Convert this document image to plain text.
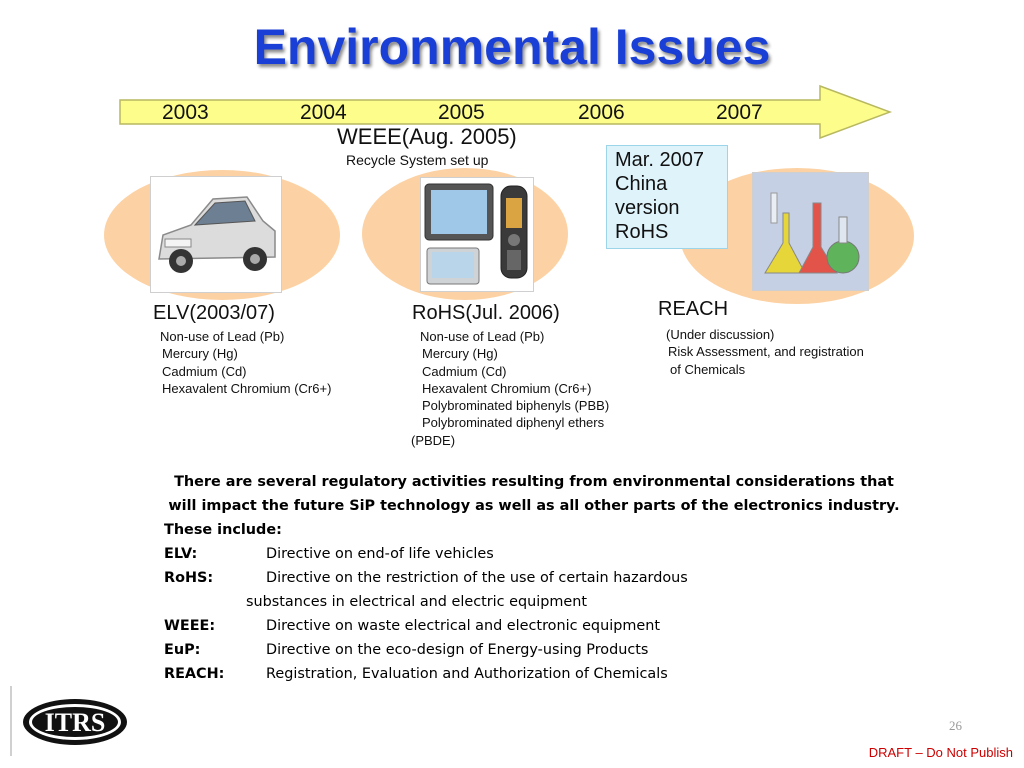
Environmental Issues
2003	2004	2005	2006	2007
WEEE(Aug. 2005)
Recycle System set up	Mar. 2007
China
version
RoHS
ELV(2003/07)
Non-use of Lead (Pb)
Mercury (Hg)
Cadmium (Cd)
Hexavalent Chromium (Cr6+)
RoHS(Jul. 2006)
Non-use of Lead (Pb)
Mercury (Hg)
Cadmium (Cd)
Hexavalent Chromium (Cr6+)
Polybrominated biphenyls (PBB)
Polybrominated diphenyl ethers
(PBDE)
REACH
(Under discussion)
Risk Assessment, and registration
of Chemicals
There are several regulatory activities resulting from environmental considerations that
will impact the future SiP technology as well as all other parts of the electronics industry.
These include:
ELV:	Directive on end-of life vehicles
RoHS:	Directive on the restriction of the use of certain hazardous
substances in electrical and electric equipment
WEEE:	Directive on waste electrical and electronic equipment
EuP:	Directive on the eco-design of Energy-using Products
REACH:	Registration, Evaluation and Authorization of Chemicals
ITRS	26
DRAFT – Do Not Publish
